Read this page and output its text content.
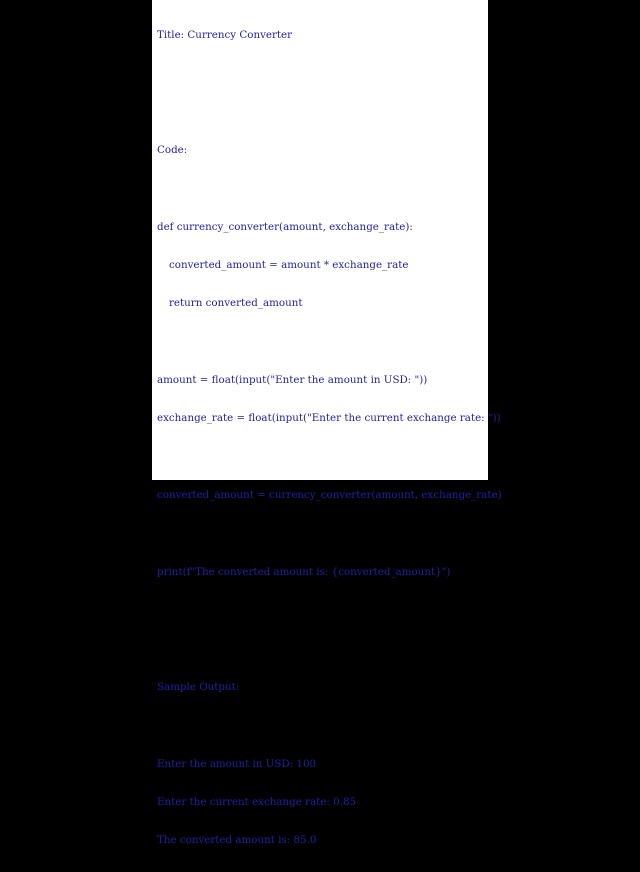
Title: Currency Converter

Code:

def currency_converter(amount, exchange_rate):

converted_amount = amount * exchange_rate

return converted_amount

amount = float(input("Enter the amount in USD: "))

exchange_rate = float(input("Enter the current exchange rate: "))

converted_amount = currency_converter(amount, exchange_rate)

print(f"The converted amount is: {converted_amount}")

Sample Output:

Enter the amount in USD: 100

Enter the current exchange rate: 0.85

The converted amount is: 85.0
